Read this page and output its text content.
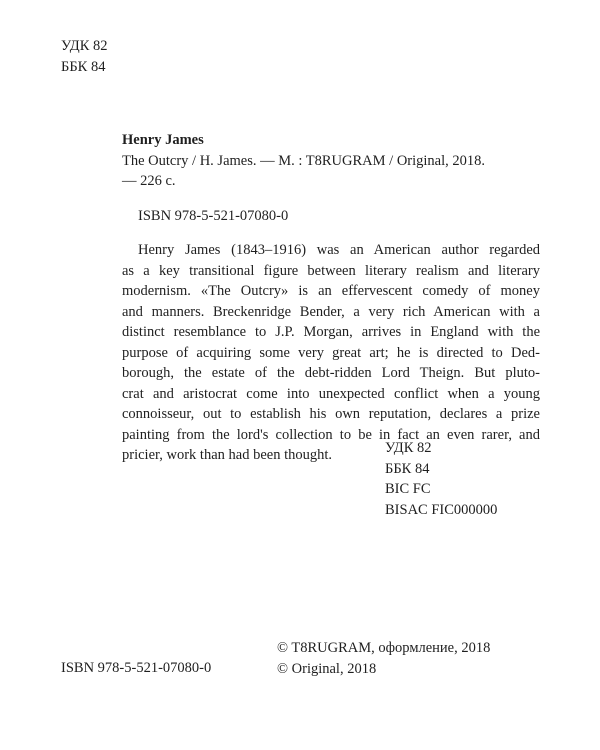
УДК 82
ББК 84
Henry James
The Outcry / H. James. — M. : T8RUGRAM / Original, 2018.
— 226 с.
ISBN 978-5-521-07080-0
Henry James (1843–1916) was an American author regarded
as a key transitional figure between literary realism and literary
modernism. «The Outcry» is an effervescent comedy of money
and manners. Breckenridge Bender, a very rich American with a
distinct resemblance to J.P. Morgan, arrives in England with the
purpose of acquiring some very great art; he is directed to Ded-
borough, the estate of the debt-ridden Lord Theign. But pluto-
crat and aristocrat come into unexpected conflict when a young
connoisseur, out to establish his own reputation, declares a prize
painting from the lord's collection to be in fact an even rarer, and
pricier, work than had been thought.	УДК 82
ББК 84
BIC FC
BISAC FIC000000
© T8RUGRAM, оформление, 2018
© Original, 2018
ISBN 978-5-521-07080-0
